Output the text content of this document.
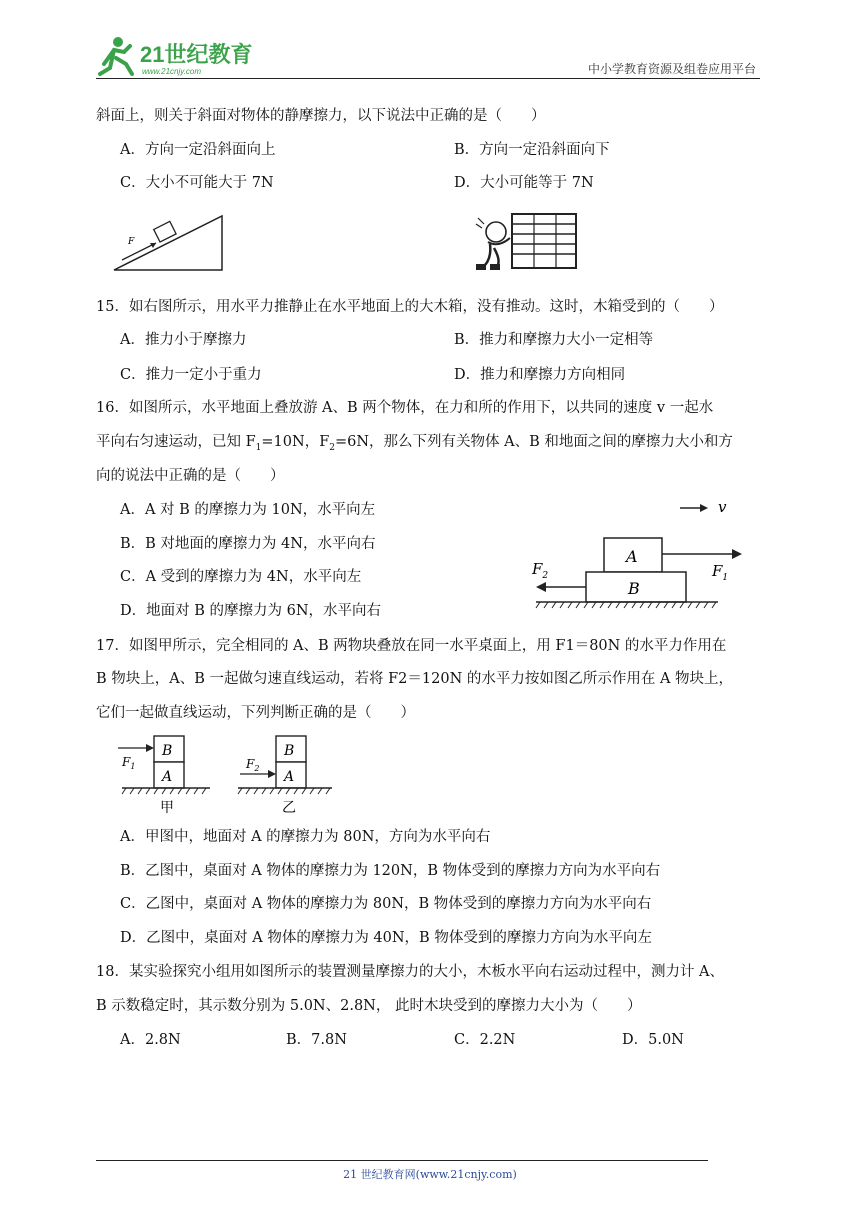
21世纪教育
www.21cnjy.com	中小学教育资源及组卷应用平台
斜面上，则关于斜面对物体的静摩擦力，以下说法中正确的是（　　）
A．方向一定沿斜面向上	B．方向一定沿斜面向下
C．大小不可能大于 7N	D．大小可能等于 7N
F
15．如右图所示，用水平力推静止在水平地面上的大木箱，没有推动。这时，木箱受到的（　　）
A．推力小于摩擦力	B．推力和摩擦力大小一定相等
C．推力一定小于重力	D．推力和摩擦力方向相同
16．如图所示，水平地面上叠放游 A、B 两个物体，在力和所的作用下，以共同的速度 v 一起水
平向右匀速运动，已知 $F_1=10N$，$F_2=6N$，那么下列有关物体 A、B 和地面之间的摩擦力大小和方
向的说法中正确的是（　　）
A．A 对 B 的摩擦力为 10N，水平向左
B．B 对地面的摩擦力为 4N，水平向右
C．A 受到的摩擦力为 4N，水平向左
D．地面对 B 的摩擦力为 6N，水平向右
v
A
B
$F_1$
$F_2$
17．如图甲所示，完全相同的 A、B 两物块叠放在同一水平桌面上，用 F1＝80N 的水平力作用在
B 物块上，A、B 一起做匀速直线运动，若将 F2＝120N 的水平力按如图乙所示作用在 A 物块上，
它们一起做直线运动，下列判断正确的是（　　）
B
A
$F_1$
甲
B
A
$F_2$
乙
A．甲图中，地面对 A 的摩擦力为 80N，方向为水平向右
B．乙图中，桌面对 A 物体的摩擦力为 120N，B 物体受到的摩擦力方向为水平向右
C．乙图中，桌面对 A 物体的摩擦力为 80N，B 物体受到的摩擦力方向为水平向右
D．乙图中，桌面对 A 物体的摩擦力为 40N，B 物体受到的摩擦力方向为水平向左
18．某实验探究小组用如图所示的装置测量摩擦力的大小，木板水平向右运动过程中，测力计 A、
B 示数稳定时，其示数分别为 5.0N、2.8N， 此时木块受到的摩擦力大小为（　　）
A．2.8N	B．7.8N	C．2.2N	D．5.0N
21 世纪教育网(www.21cnjy.com)
